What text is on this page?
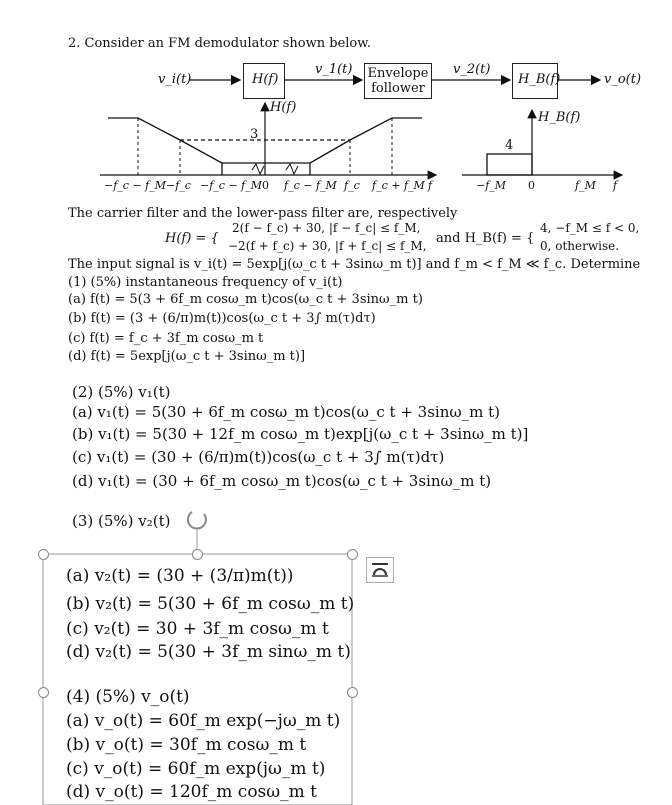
2. Consider an FM demodulator shown below.
v_i(t)	H(f)
v_1(t) Envelope
follower
v_2(t)
H_B(f)	v_o(t)
H(f)
3
−f_c − f_M −f_c −f_c − f_M 0 f_c − f_M f_c f_c + f_M f
H_B(f)
4
−f_M 0	f_M f
The carrier filter and the lower-pass filter are, respectively
H(f) = {
2(f − f_c) + 30, |f − f_c| ≤ f_M,
−2(f + f_c) + 30, |f + f_c| ≤ f_M, and H_B(f) = {
4, −f_M ≤ f < 0,
0, otherwise.
The input signal is v_i(t) = 5exp[j(ω_c t + 3sinω_m t)] and f_m < f_M ≪ f_c. Determine
(1) (5%) instantaneous frequency of v_i(t)
(a) f(t) = 5(3 + 6f_m cosω_m t)cos(ω_c t + 3sinω_m t)
(b) f(t) = (3 + (6/π)m(t))cos(ω_c t + 3∫ m(τ)dτ)
(c) f(t) = f_c + 3f_m cosω_m t
(d) f(t) = 5exp[j(ω_c t + 3sinω_m t)]
(2) (5%) v₁(t)
(a) v₁(t) = 5(30 + 6f_m cosω_m t)cos(ω_c t + 3sinω_m t)
(b) v₁(t) = 5(30 + 12f_m cosω_m t)exp[j(ω_c t + 3sinω_m t)]
(c) v₁(t) = (30 + (6/π)m(t))cos(ω_c t + 3∫ m(τ)dτ)
(d) v₁(t) = (30 + 6f_m cosω_m t)cos(ω_c t + 3sinω_m t)
(3) (5%) v₂(t)
(a) v₂(t) = (30 + (3/π)m(t))
(b) v₂(t) = 5(30 + 6f_m cosω_m t)
(c) v₂(t) = 30 + 3f_m cosω_m t
(d) v₂(t) = 5(30 + 3f_m sinω_m t)
(4) (5%) v_o(t)
(a) v_o(t) = 60f_m exp(−jω_m t)
(b) v_o(t) = 30f_m cosω_m t
(c) v_o(t) = 60f_m exp(jω_m t)
(d) v_o(t) = 120f_m cosω_m t
